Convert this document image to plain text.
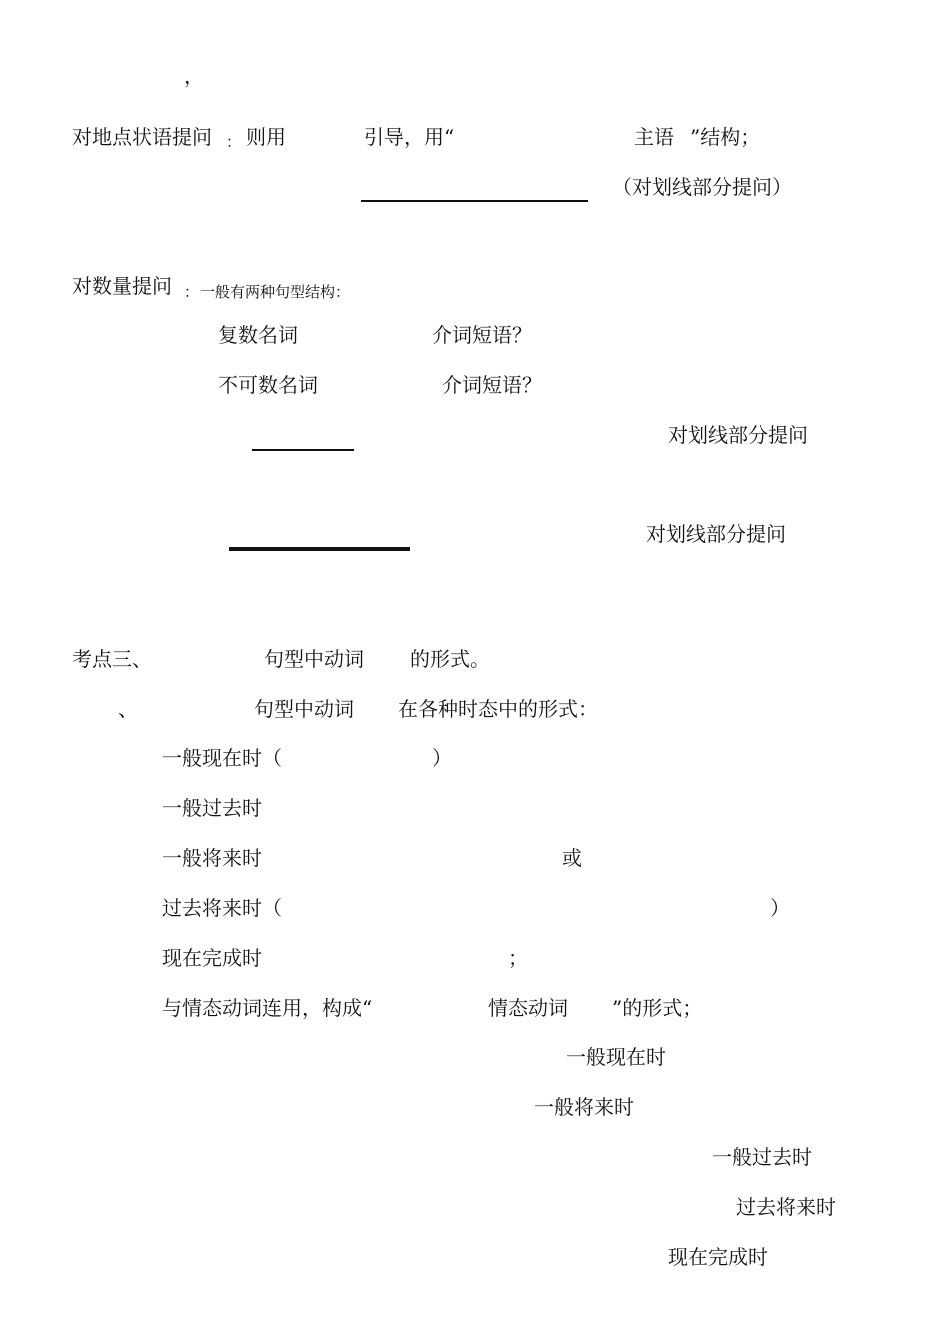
，
对地点状语提问 ： 则用	引导，用“	主语 ”结构；
（对划线部分提问）
对数量提问 ： 一般有两种句型结构：
复数名词	介词短语？
不可数名词	介词短语？
对划线部分提问
对划线部分提问
考点三、	句型中动词 的形式。
、	句型中动词 在各种时态中的形式：
一般现在时（	）
一般过去时
一般将来时	或
过去将来时（	）
现在完成时	；
与情态动词连用，构成“	情态动词 ”的形式；
一般现在时
一般将来时
一般过去时
过去将来时
现在完成时
